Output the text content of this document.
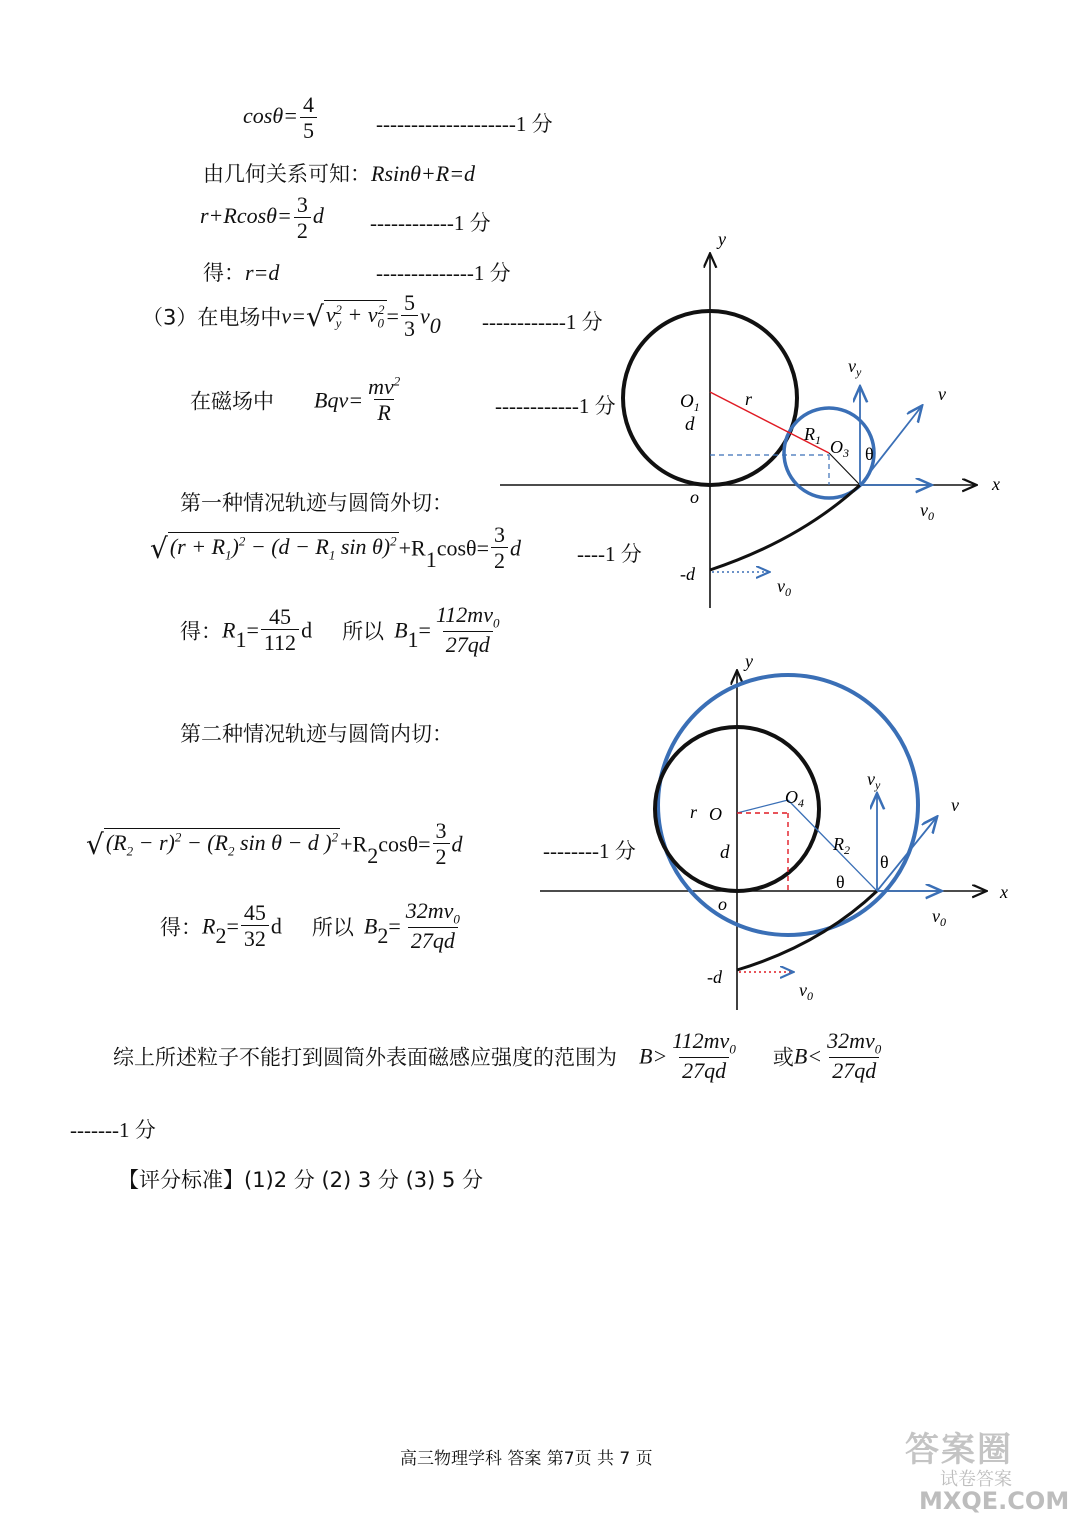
$\cos\theta= \frac{4}{5}$	--------------------1 分
由几何关系可知：Rsinθ+R=d
$r+Rcos\theta= \frac{3}{2}$ d ------------1 分
得：r=d	--------------1 分
（3）在电场中$v=√v_y^2 + v_0^2= \frac{5}{3} v_0$ ------------1 分
在磁场中 $Bqv= \frac{mv^2}{R}$	------------1 分
第一种情况轨迹与圆筒外切：
$√(r + R_1)^2 - (d - R_1$ $\sin \theta)^2+R_1\cos\theta= \frac{3}{2}$ d	----1 分
得：$R_1= \frac{45}{112}$ d 所以 $B_1= \frac{112mv_0}{27qd}$
第二种情况轨迹与圆筒内切：
$√(R_2 - r)^2 - (R_2$ sin θ − d )$^2+R_2\cos\theta= \frac{3}{2}$ d	--------1 分
得：$R_2= \frac{45}{32}$ d 所以 $B_2= \frac{32mv_0}{27qd}$
综上所述粒子不能打到圆筒外表面磁感应强度的范围为 $B> \frac{112mv_0}{27qd}$ 或$B< \frac{32mv_0}{27qd}$
-------1 分
【评分标准】(1)2 分 (2) 3 分 (3) 5 分
y
x
o
-d
$O_1$
d
r
$R_1$ $O_3$ θ
$v_y$
v
$v_0$
$v_0$
y
x
o
-d
r O
$O_4$
d	$R_2$
θ
θ
$v_y$
v
$v_0$
$v_0$
高三物理学科 答案 第7页 共 7 页	答案圈
试卷答案
MXQE.COM
